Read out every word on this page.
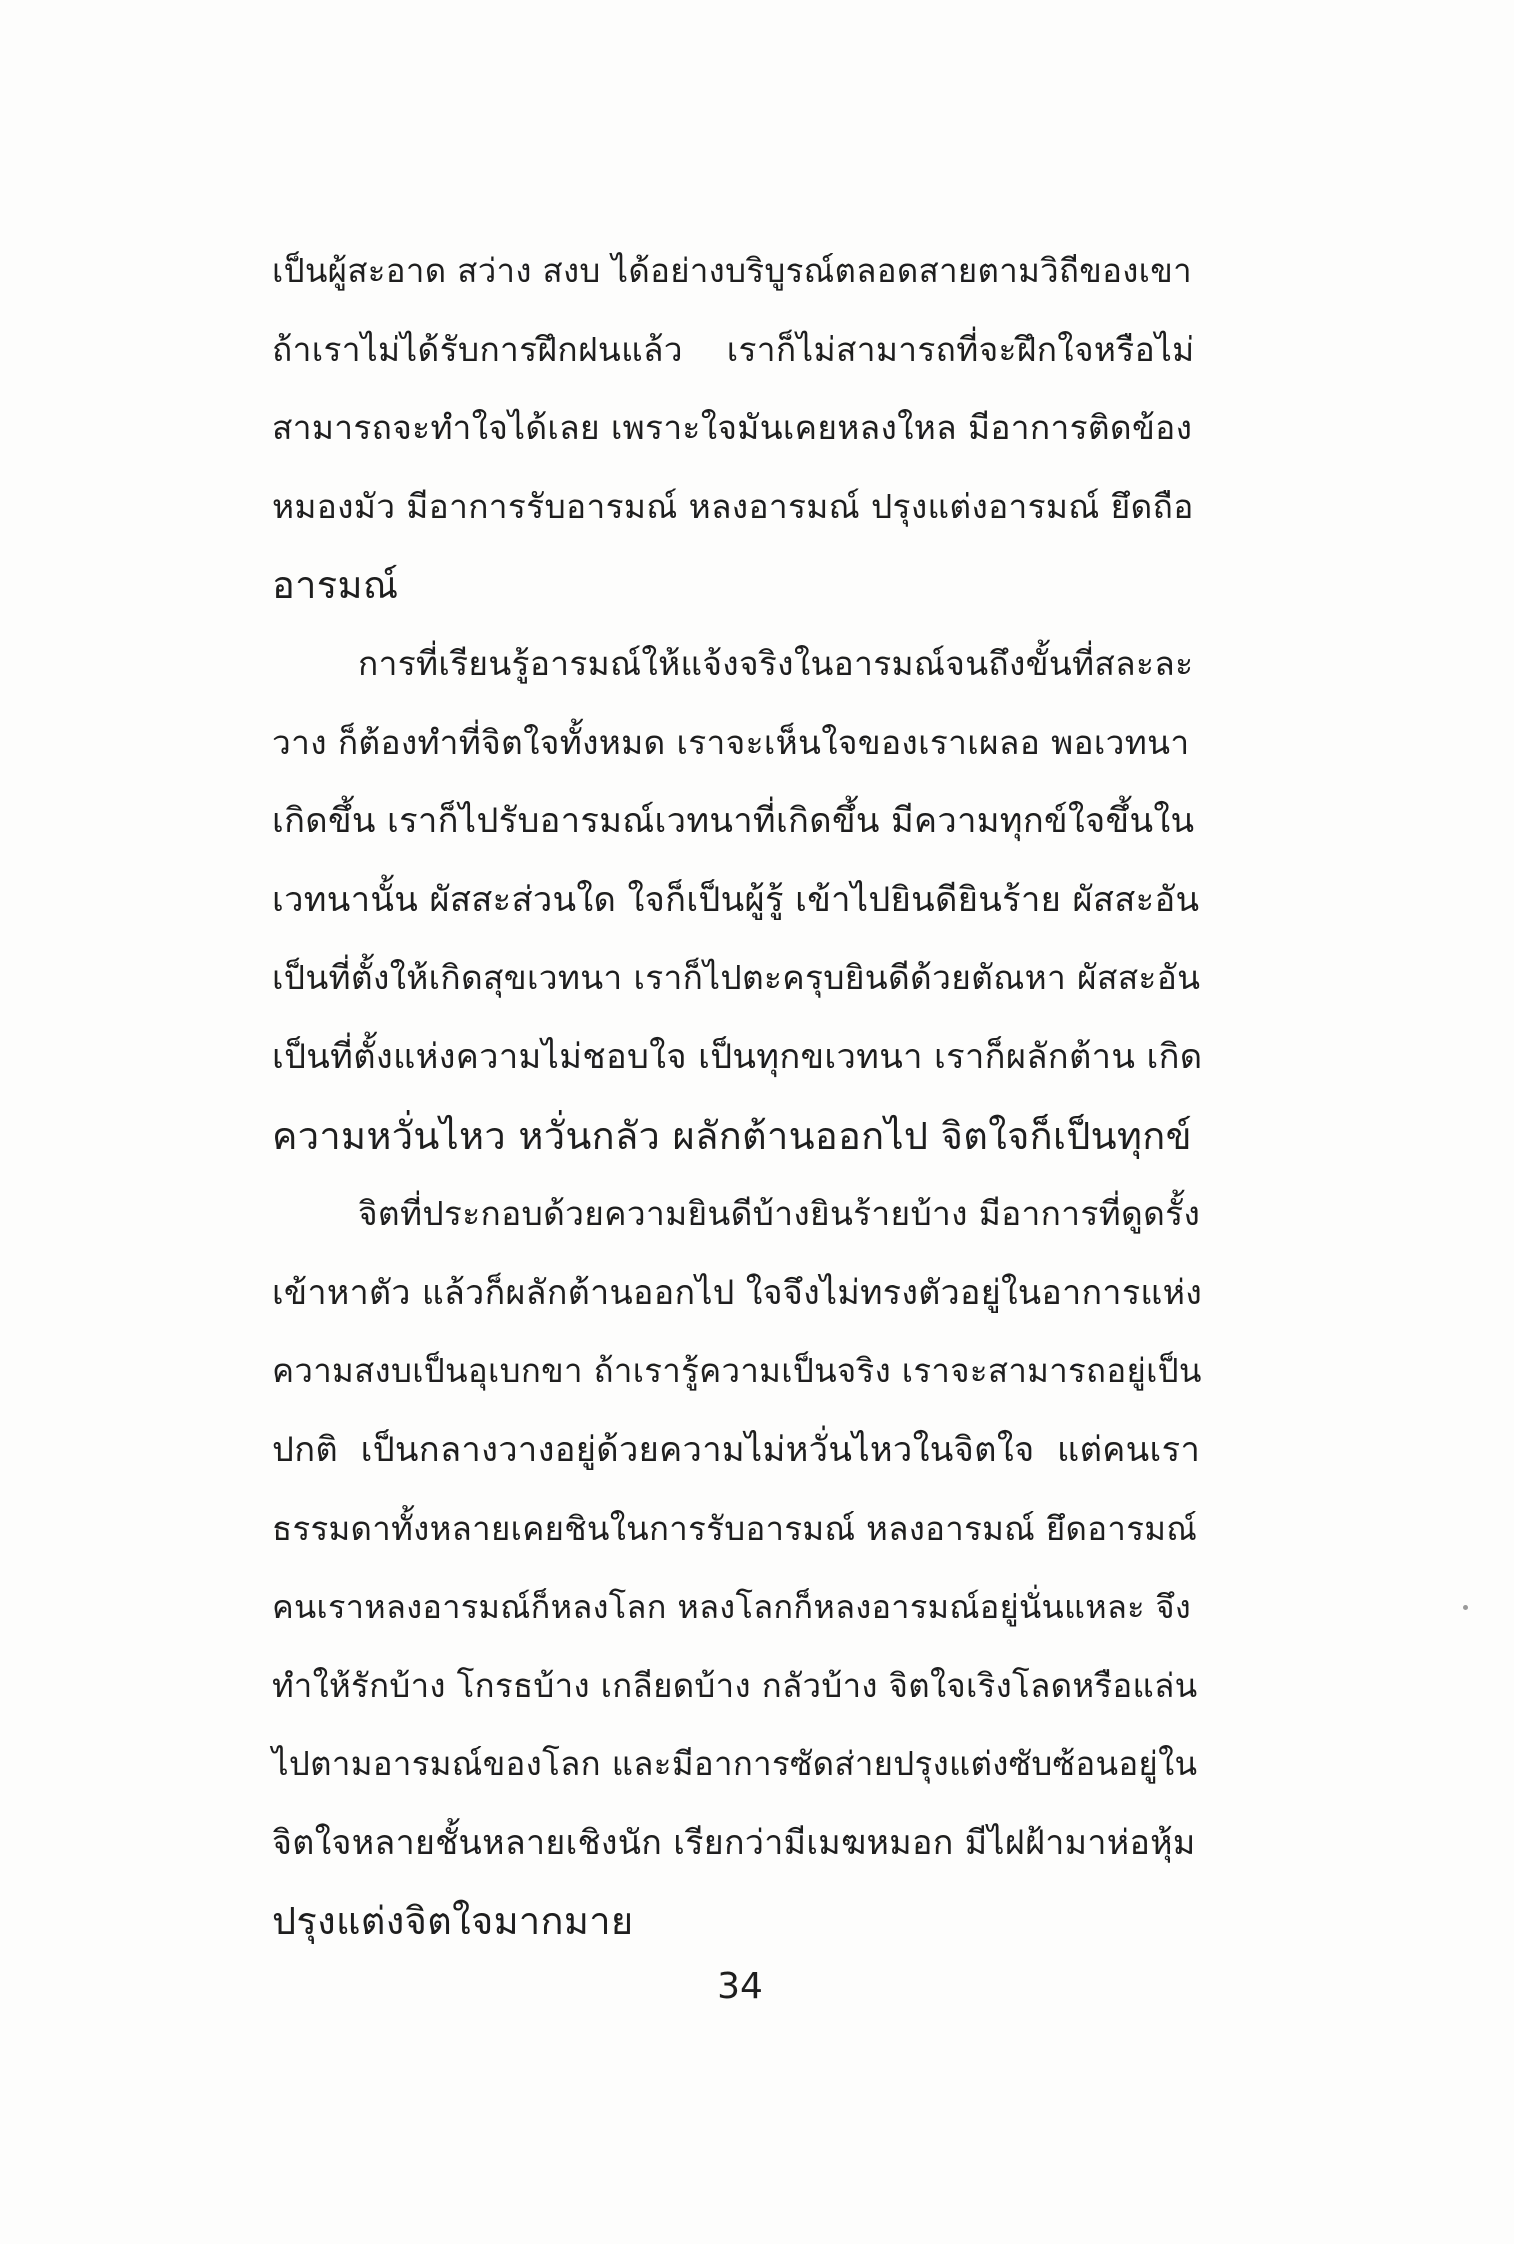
เป็นผู้สะอาด สว่าง สงบ ได้อย่างบริบูรณ์ตลอดสายตามวิถีของเขา
ถ้าเราไม่ได้รับการฝึกฝนแล้ว    เราก็ไม่สามารถที่จะฝึกใจหรือไม่
สามารถจะทำใจได้เลย เพราะใจมันเคยหลงใหล มีอาการติดข้อง
หมองมัว มีอาการรับอารมณ์ หลงอารมณ์ ปรุงแต่งอารมณ์ ยึดถือ
อารมณ์
การที่เรียนรู้อารมณ์ให้แจ้งจริงในอารมณ์จนถึงขั้นที่สละละ
วาง ก็ต้องทำที่จิตใจทั้งหมด เราจะเห็นใจของเราเผลอ พอเวทนา
เกิดขึ้น เราก็ไปรับอารมณ์เวทนาที่เกิดขึ้น มีความทุกข์ใจขึ้นใน
เวทนานั้น ผัสสะส่วนใด ใจก็เป็นผู้รู้ เข้าไปยินดียินร้าย ผัสสะอัน
เป็นที่ตั้งให้เกิดสุขเวทนา เราก็ไปตะครุบยินดีด้วยตัณหา ผัสสะอัน
เป็นที่ตั้งแห่งความไม่ชอบใจ เป็นทุกขเวทนา เราก็ผลักต้าน เกิด
ความหวั่นไหว หวั่นกลัว ผลักต้านออกไป จิตใจก็เป็นทุกข์
จิตที่ประกอบด้วยความยินดีบ้างยินร้ายบ้าง มีอาการที่ดูดรั้ง
เข้าหาตัว แล้วก็ผลักต้านออกไป ใจจึงไม่ทรงตัวอยู่ในอาการแห่ง
ความสงบเป็นอุเบกขา ถ้าเรารู้ความเป็นจริง เราจะสามารถอยู่เป็น
ปกติ  เป็นกลางวางอยู่ด้วยความไม่หวั่นไหวในจิตใจ  แต่คนเรา
ธรรมดาทั้งหลายเคยชินในการรับอารมณ์ หลงอารมณ์ ยึดอารมณ์
คนเราหลงอารมณ์ก็หลงโลก หลงโลกก็หลงอารมณ์อยู่นั่นแหละ จึง
ทำให้รักบ้าง โกรธบ้าง เกลียดบ้าง กลัวบ้าง จิตใจเริงโลดหรือแล่น
ไปตามอารมณ์ของโลก และมีอาการซัดส่ายปรุงแต่งซับซ้อนอยู่ใน
จิตใจหลายชั้นหลายเชิงนัก เรียกว่ามีเมฆหมอก มีไฝฝ้ามาห่อหุ้ม
ปรุงแต่งจิตใจมากมาย
34
